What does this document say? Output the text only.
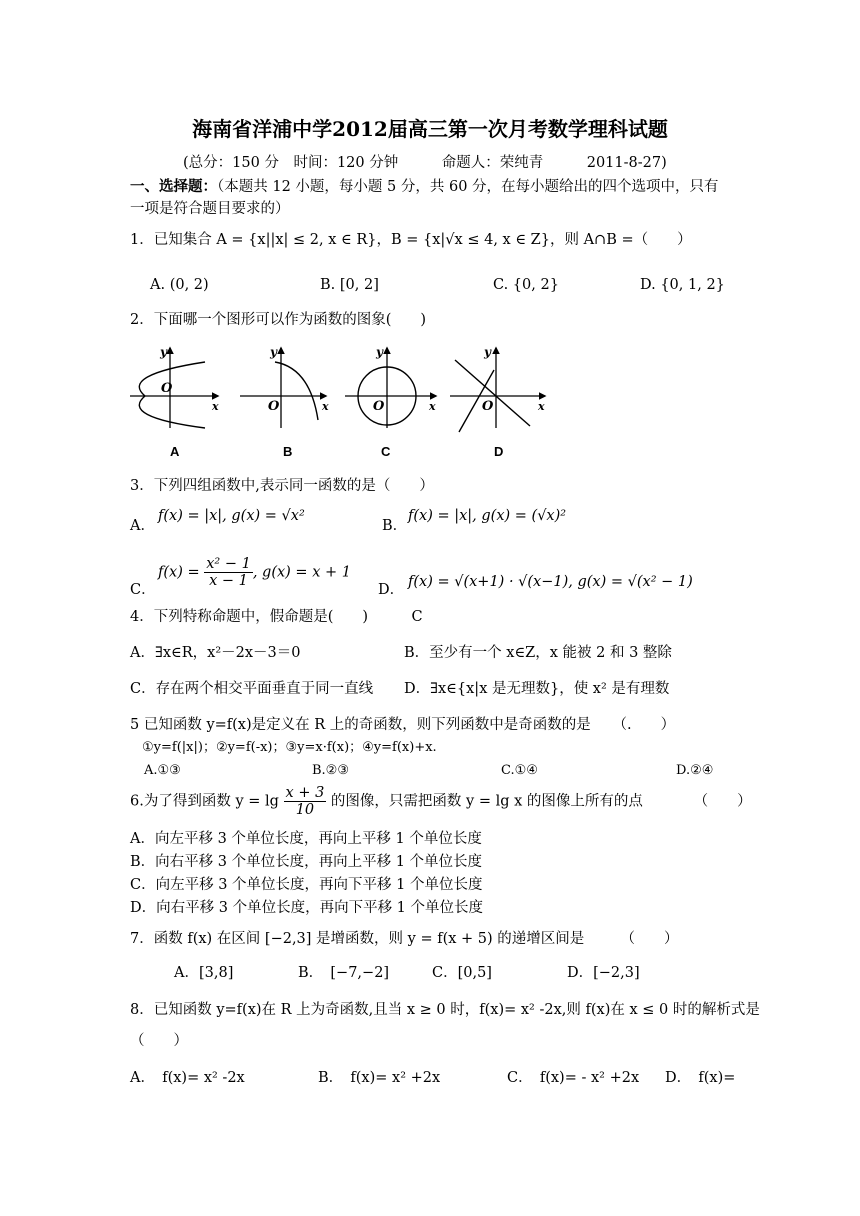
海南省洋浦中学2012届高三第一次月考数学理科试题
(总分：150 分　时间：120 分钟　　　命题人：荣纯青　　　2011-8-27)
一、选择题：（本题共 12 小题，每小题 5 分，共 60 分，在每小题给出的四个选项中，只有
一项是符合题目要求的）
1．已知集合 A = {x||x| ≤ 2, x ∈ R}，B = {x|√x ≤ 4, x ∈ Z}，则 A∩B =（　　）
A. (0, 2)	B. [0, 2]	C. {0, 2}	D. {0, 1, 2}
2．下面哪一个图形可以作为函数的图象(　　)
y
x
O
y
x
O
y
x
O
y
x
O
A	B	C	D
3．下列四组函数中,表示同一函数的是（　　）
A．
f(x) = |x|, g(x) = √x²
B．
f(x) = |x|, g(x) = (√x)²
C．
$f(x) = \frac{\text{x² − 1}}{x - 1}$ , g(x) = x + 1
D． f(x) = √(x+1) · √(x−1), g(x) = √(x² − 1)
4．下列特称命题中，假命题是(　　)　　　C
A．∃x∈R，x²－2x－3＝0	B．至少有一个 x∈Z，x 能被 2 和 3 整除
C．存在两个相交平面垂直于同一直线 D．∃x∈{x|x 是无理数}，使 x² 是有理数
5 已知函数 y=f(x)是定义在 R 上的奇函数，则下列函数中是奇函数的是　　（.　　）
①y=f(|x|)；②y=f(-x)；③y=x·f(x)；④y=f(x)+x.
A.①③	B.②③	C.①④	D.②④
6.为了得到函数 $y = \lg \frac{x + 3}{10}$ 的图像，只需把函数 y = lg x 的图像上所有的点　　　　（　　）
A．向左平移 3 个单位长度，再向上平移 1 个单位长度
B．向右平移 3 个单位长度，再向上平移 1 个单位长度
C．向左平移 3 个单位长度，再向下平移 1 个单位长度
D．向右平移 3 个单位长度，再向下平移 1 个单位长度
7．函数 f(x) 在区间 [−2,3] 是增函数，则 y = f(x + 5) 的递增区间是　　　（　　）
A．[3,8]	B．　[−7,−2]	C．[0,5]	D．[−2,3]
8．已知函数 y=f(x)在 R 上为奇函数,且当 x ≥ 0 时，f(x)= x² -2x,则 f(x)在 x ≤ 0 时的解析式是
（　　）
A．　f(x)= x² -2x	B．　f(x)= x² +2x	C．　f(x)= - x² +2x D．　f(x)=
